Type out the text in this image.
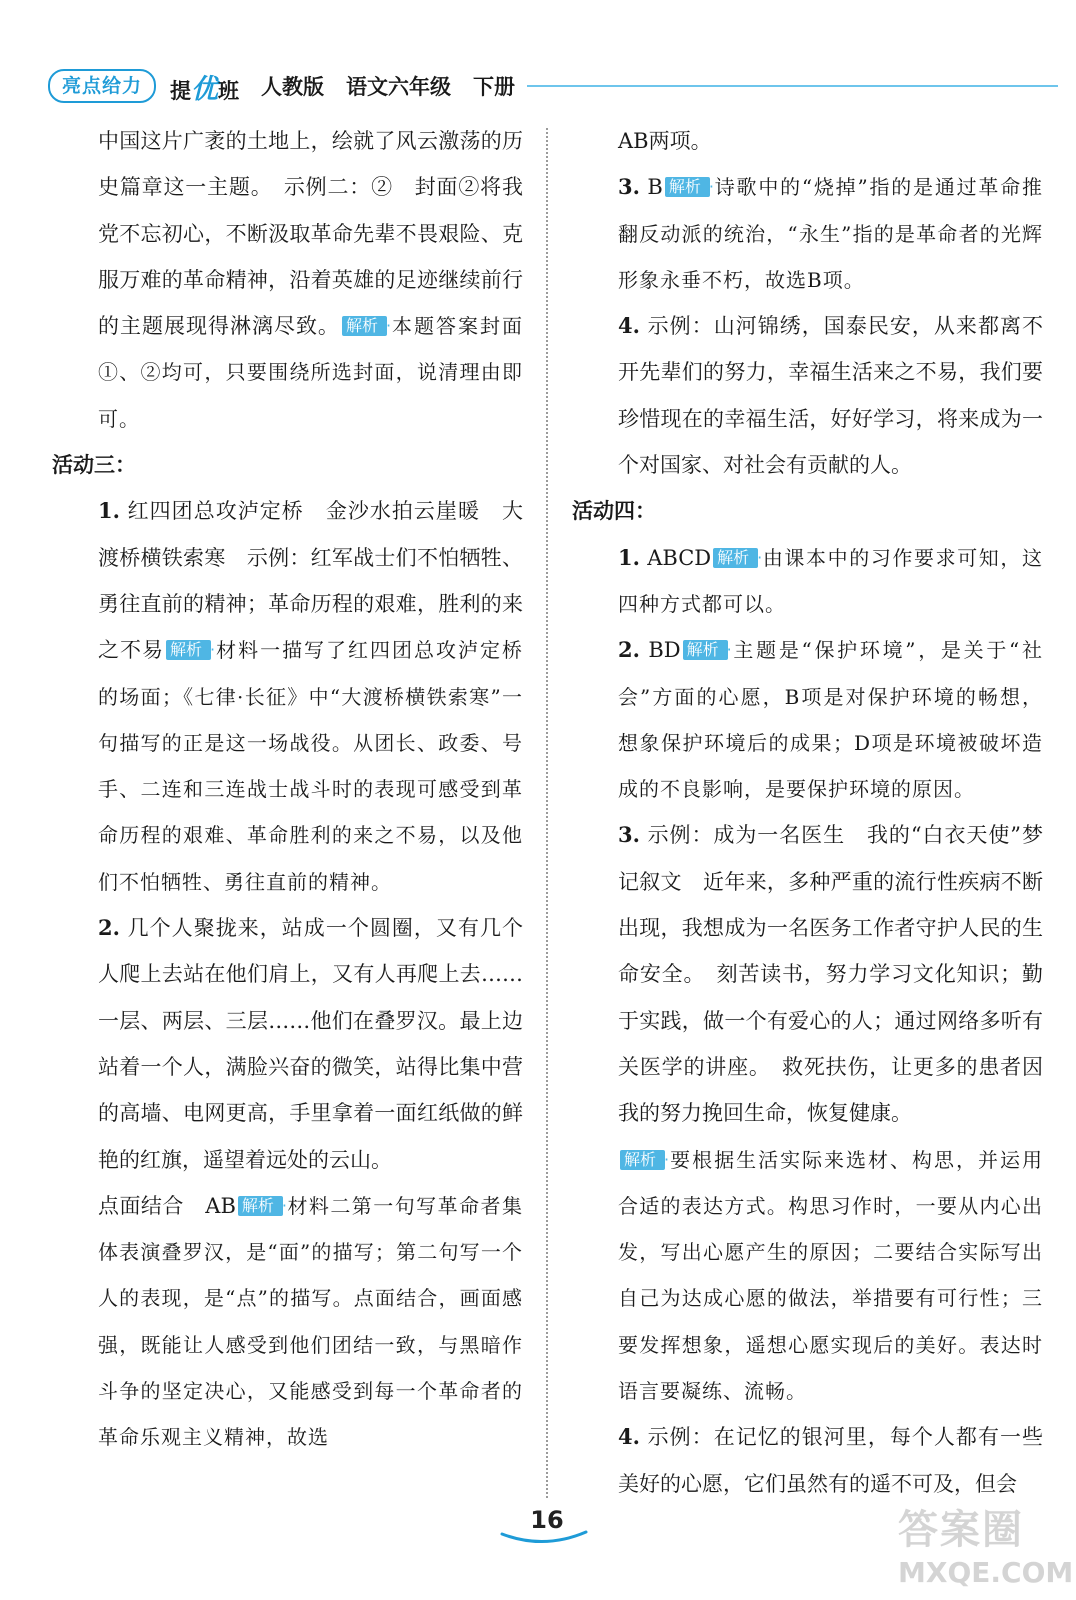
亮点给力	提 优 班 人教版 语文六年级 下册

中国这片广袤的土地上，绘就了风云激荡的历史篇章这一主题。　示例二：②　封面②将我党不忘初心，不断汲取革命先辈不畏艰险、克服万难的革命精神，沿着英雄的足迹继续前行的主题展现得淋漓尽致。 解析 · 本题答案封面①、②均可，只要围绕所选封面，说清理由即可。

活动三：

1. 红四团总攻泸定桥　金沙水拍云崖暖　大渡桥横铁索寒　示例：红军战士们不怕牺牲、勇往直前的精神；革命历程的艰难，胜利的来之不易 解析 · 材料一描写了红四团总攻泸定桥的场面；《七律·长征》中“大渡桥横铁索寒”一句描写的正是这一场战役。从团长、政委、号手、二连和三连战士战斗时的表现可感受到革命历程的艰难、革命胜利的来之不易，以及他们不怕牺牲、勇往直前的精神。

2. 几个人聚拢来，站成一个圆圈，又有几个人爬上去站在他们肩上，又有人再爬上去……一层、两层、三层……他们在叠罗汉。最上边站着一个人，满脸兴奋的微笑，站得比集中营的高墙、电网更高，手里拿着一面红纸做的鲜艳的红旗，遥望着远处的云山。

点面结合　AB 解析 · 材料二第一句写革命者集体表演叠罗汉，是“面”的描写；第二句写一个人的表现，是“点”的描写。点面结合，画面感强，既能让人感受到他们团结一致，与黑暗作斗争的坚定决心，又能感受到每一个革命者的革命乐观主义精神，故选

AB两项。

3. B 解析 · 诗歌中的“烧掉”指的是通过革命推翻反动派的统治，“永生”指的是革命者的光辉形象永垂不朽，故选B项。

4. 示例：山河锦绣，国泰民安，从来都离不开先辈们的努力，幸福生活来之不易，我们要珍惜现在的幸福生活，好好学习，将来成为一个对国家、对社会有贡献的人。

活动四：

1. ABCD 解析 · 由课本中的习作要求可知，这四种方式都可以。

2. BD 解析 · 主题是“保护环境”，是关于“社会”方面的心愿，B项是对保护环境的畅想，想象保护环境后的成果；D项是环境被破坏造成的不良影响，是要保护环境的原因。

3. 示例：成为一名医生　我的“白衣天使”梦　记叙文　近年来，多种严重的流行性疾病不断出现，我想成为一名医务工作者守护人民的生命安全。　刻苦读书，努力学习文化知识；勤于实践，做一个有爱心的人；通过网络多听有关医学的讲座。　救死扶伤，让更多的患者因我的努力挽回生命，恢复健康。

解析 · 要根据生活实际来选材、构思，并运用合适的表达方式。构思习作时，一要从内心出发，写出心愿产生的原因；二要结合实际写出自己为达成心愿的做法，举措要有可行性；三要发挥想象，遥想心愿实现后的美好。表达时语言要凝练、流畅。

4. 示例：在记忆的银河里，每个人都有一些美好的心愿，它们虽然有的遥不可及，但会

16	答案圈
MXQE.COM
